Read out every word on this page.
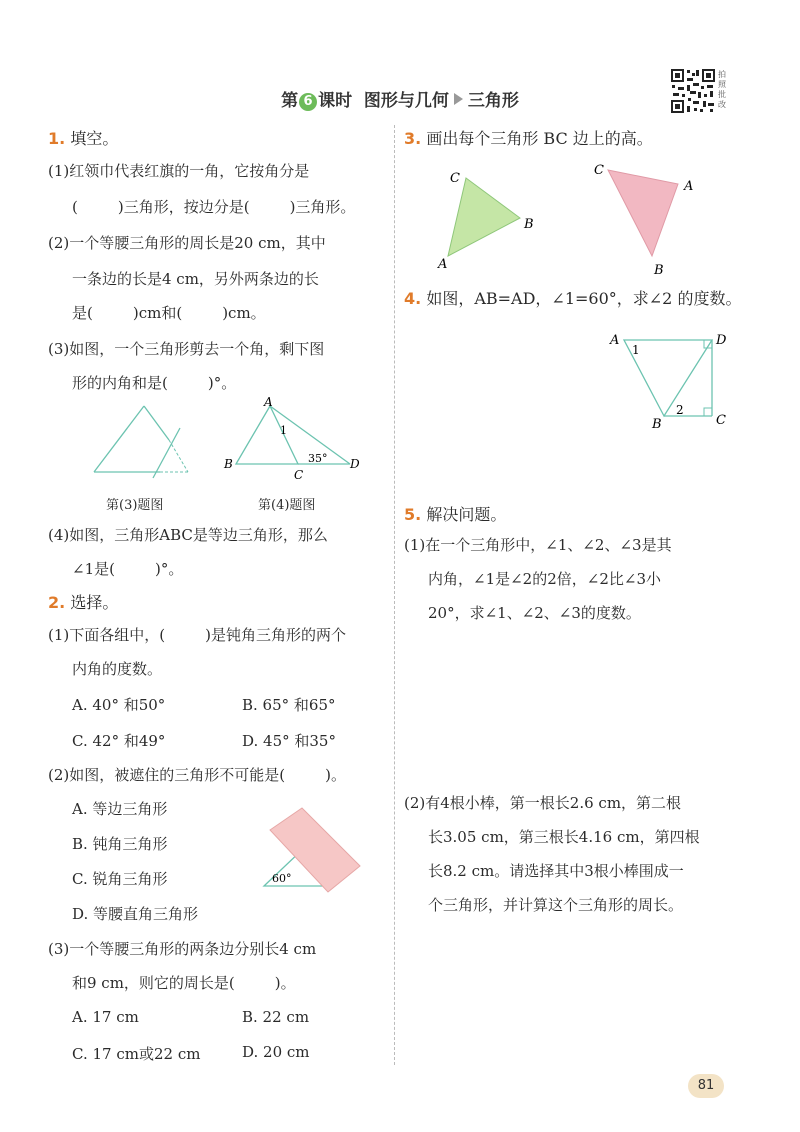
第 6 课时 图形与几何 三角形
拍照批改
1. 填空。
(1)红领巾代表红旗的一角，它按角分是
(	)三角形，按边分是(	)三角形。
(2)一个等腰三角形的周长是20 cm，其中
一条边的长是4 cm，另外两条边的长
是(	)cm和(	)cm。
(3)如图，一个三角形剪去一个角，剩下图
形的内角和是(	)°。
第(3)题图
A
B
C
D
1
35°
第(4)题图
(4)如图，三角形ABC是等边三角形，那么
∠1是(	)°。
2. 选择。
(1)下面各组中，(	)是钝角三角形的两个
内角的度数。
A. 40° 和50°	B. 65° 和65°
C. 42° 和49°	D. 45° 和35°
(2)如图，被遮住的三角形不可能是(	)。
A. 等边三角形
B. 钝角三角形
C. 锐角三角形
D. 等腰直角三角形
60°
(3)一个等腰三角形的两条边分别长4 cm
和9 cm，则它的周长是(	)。
A. 17 cm	B. 22 cm
C. 17 cm或22 cm	D. 20 cm
3. 画出每个三角形 BC 边上的高。
C
B
A
C
A
B
4. 如图，AB=AD，∠1=60°，求∠2 的度数。
A	D
B	C
1
2
5. 解决问题。
(1)在一个三角形中，∠1、∠2、∠3是其
内角，∠1是∠2的2倍，∠2比∠3小
20°，求∠1、∠2、∠3的度数。
(2)有4根小棒，第一根长2.6 cm，第二根
长3.05 cm，第三根长4.16 cm，第四根
长8.2 cm。请选择其中3根小棒围成一
个三角形，并计算这个三角形的周长。
81
